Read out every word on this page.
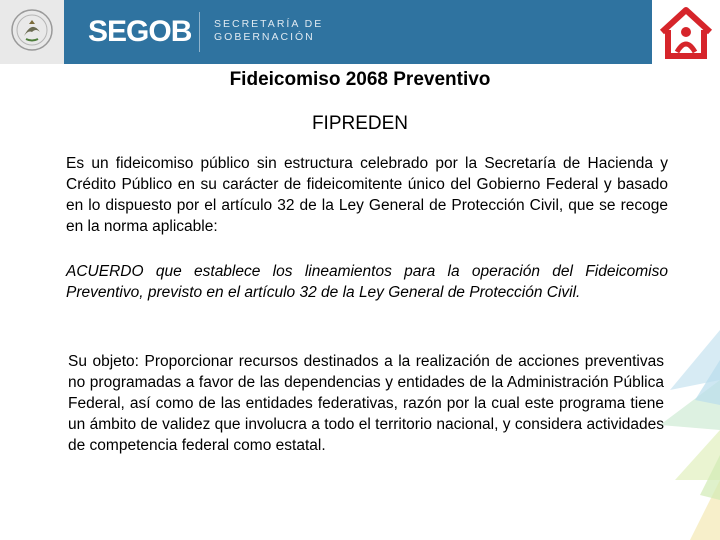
SEGOB SECRETARÍA DE
GOBERNACIÓN
Fideicomiso 2068 Preventivo
FIPREDEN
Es un fideicomiso público sin estructura celebrado por la Secretaría de Hacienda y Crédito Público en su carácter de fideicomitente único del Gobierno Federal y basado en lo dispuesto por el artículo 32 de la Ley General de Protección Civil, que se recoge en la norma aplicable:
ACUERDO que establece los lineamientos para la operación del Fideicomiso Preventivo, previsto en el artículo 32 de la Ley General de Protección Civil.
Su objeto: Proporcionar recursos destinados a la realización de acciones preventivas no programadas a favor de las dependencias y entidades de la Administración Pública Federal, así como de las entidades federativas, razón por la cual este programa tiene un ámbito de validez que involucra a todo el territorio nacional, y considera actividades de competencia federal como estatal.
